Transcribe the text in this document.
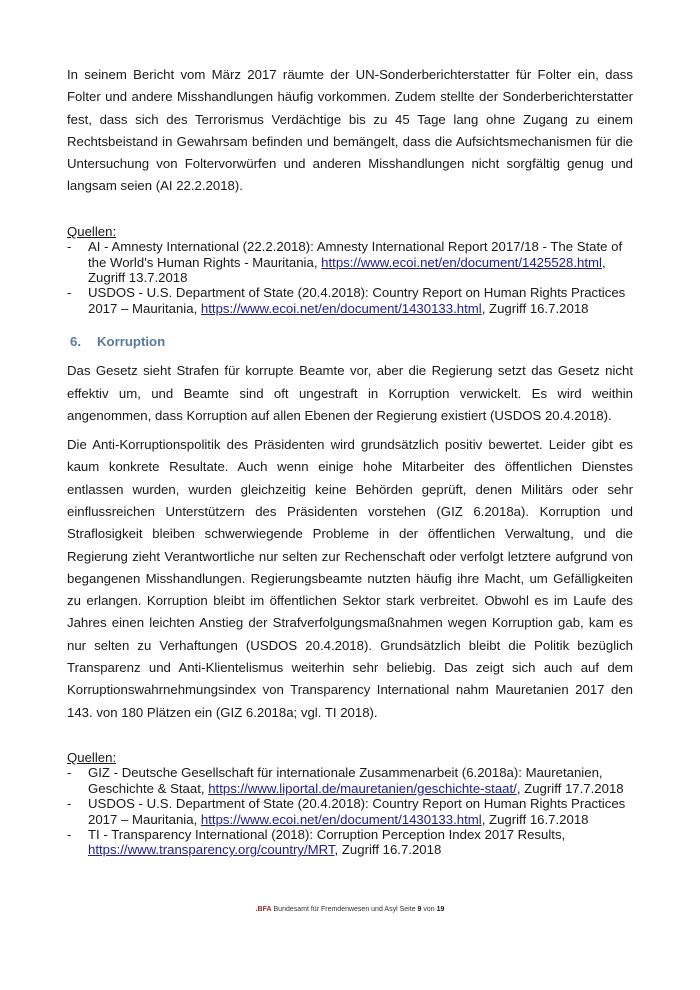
In seinem Bericht vom März 2017 räumte der UN-Sonderberichterstatter für Folter ein, dass Folter und andere Misshandlungen häufig vorkommen. Zudem stellte der Sonderberichterstatter fest, dass sich des Terrorismus Verdächtige bis zu 45 Tage lang ohne Zugang zu einem Rechtsbeistand in Gewahrsam befinden und bemängelt, dass die Aufsichtsmechanismen für die Untersuchung von Foltervorwürfen und anderen Misshandlungen nicht sorgfältig genug und langsam seien (AI 22.2.2018).

Quellen:
- AI - Amnesty International (22.2.2018): Amnesty International Report 2017/18 - The State of the World's Human Rights - Mauritania, https://www.ecoi.net/en/document/1425528.html, Zugriff 13.7.2018
- USDOS - U.S. Department of State (20.4.2018): Country Report on Human Rights Practices 2017 – Mauritania, https://www.ecoi.net/en/document/1430133.html, Zugriff 16.7.2018
6. Korruption

Das Gesetz sieht Strafen für korrupte Beamte vor, aber die Regierung setzt das Gesetz nicht effektiv um, und Beamte sind oft ungestraft in Korruption verwickelt. Es wird weithin angenommen, dass Korruption auf allen Ebenen der Regierung existiert (USDOS 20.4.2018).

Die Anti-Korruptionspolitik des Präsidenten wird grundsätzlich positiv bewertet. Leider gibt es kaum konkrete Resultate. Auch wenn einige hohe Mitarbeiter des öffentlichen Dienstes entlassen wurden, wurden gleichzeitig keine Behörden geprüft, denen Militärs oder sehr einflussreichen Unterstützern des Präsidenten vorstehen (GIZ 6.2018a). Korruption und Straflosigkeit bleiben schwerwiegende Probleme in der öffentlichen Verwaltung, und die Regierung zieht Verantwortliche nur selten zur Rechenschaft oder verfolgt letztere aufgrund von begangenen Misshandlungen. Regierungsbeamte nutzten häufig ihre Macht, um Gefälligkeiten zu erlangen. Korruption bleibt im öffentlichen Sektor stark verbreitet. Obwohl es im Laufe des Jahres einen leichten Anstieg der Strafverfolgungsmaßnahmen wegen Korruption gab, kam es nur selten zu Verhaftungen (USDOS 20.4.2018). Grundsätzlich bleibt die Politik bezüglich Transparenz und Anti-Klientelismus weiterhin sehr beliebig. Das zeigt sich auch auf dem Korruptionswahrnehmungsindex von Transparency International nahm Mauretanien 2017 den 143. von 180 Plätzen ein (GIZ 6.2018a; vgl. TI 2018).

Quellen:
- GIZ - Deutsche Gesellschaft für internationale Zusammenarbeit (6.2018a): Mauretanien, Geschichte & Staat, https://www.liportal.de/mauretanien/geschichte-staat/, Zugriff 17.7.2018
- USDOS - U.S. Department of State (20.4.2018): Country Report on Human Rights Practices 2017 – Mauritania, https://www.ecoi.net/en/document/1430133.html, Zugriff 16.7.2018
- TI - Transparency International (2018): Corruption Perception Index 2017 Results, https://www.transparency.org/country/MRT, Zugriff 16.7.2018
.BFA Bundesamt für Fremdenwesen und Asyl Seite 9 von 19
